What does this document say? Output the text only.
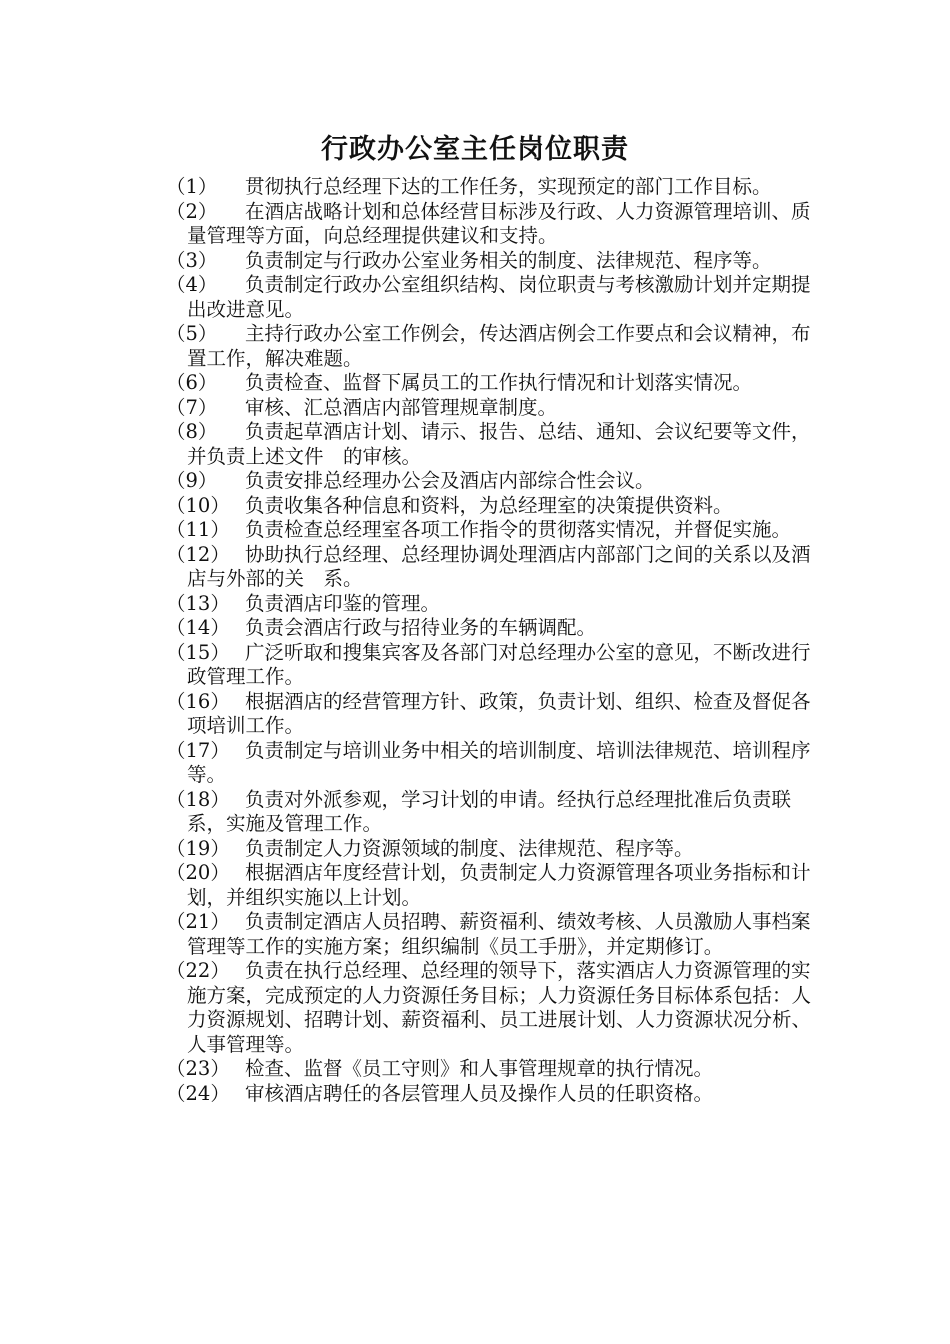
行政办公室主任岗位职责
（1）	贯彻执行总经理下达的工作任务，实现预定的部门工作目标。
（2）	在酒店战略计划和总体经营目标涉及行政、人力资源管理培训、质量管理等方面，向总经理提供建议和支持。
（3）	负责制定与行政办公室业务相关的制度、法律规范、程序等。
（4）	负责制定行政办公室组织结构、岗位职责与考核激励计划并定期提出改进意见。
（5）	主持行政办公室工作例会，传达酒店例会工作要点和会议精神，布置工作，解决难题。
（6）	负责检查、监督下属员工的工作执行情况和计划落实情况。
（7）	审核、汇总酒店内部管理规章制度。
（8）	负责起草酒店计划、请示、报告、总结、通知、会议纪要等文件，并负责上述文件　的审核。
（9）	负责安排总经理办公会及酒店内部综合性会议。
（10） 负责收集各种信息和资料，为总经理室的决策提供资料。
（11） 负责检查总经理室各项工作指令的贯彻落实情况，并督促实施。
（12） 协助执行总经理、总经理协调处理酒店内部部门之间的关系以及酒店与外部的关　系。
（13） 负责酒店印鉴的管理。
（14） 负责会酒店行政与招待业务的车辆调配。
（15） 广泛听取和搜集宾客及各部门对总经理办公室的意见，不断改进行政管理工作。
（16） 根据酒店的经营管理方针、政策，负责计划、组织、检查及督促各项培训工作。
（17） 负责制定与培训业务中相关的培训制度、培训法律规范、培训程序等。
（18） 负责对外派参观，学习计划的申请。经执行总经理批准后负责联系，实施及管理工作。
（19） 负责制定人力资源领域的制度、法律规范、程序等。
（20） 根据酒店年度经营计划，负责制定人力资源管理各项业务指标和计划，并组织实施以上计划。
（21） 负责制定酒店人员招聘、薪资福利、绩效考核、人员激励人事档案管理等工作的实施方案；组织编制《员工手册》，并定期修订。
（22） 负责在执行总经理、总经理的领导下，落实酒店人力资源管理的实施方案，完成预定的人力资源任务目标；人力资源任务目标体系包括：人力资源规划、招聘计划、薪资福利、员工进展计划、人力资源状况分析、人事管理等。
（23） 检查、监督《员工守则》和人事管理规章的执行情况。
（24） 审核酒店聘任的各层管理人员及操作人员的任职资格。
